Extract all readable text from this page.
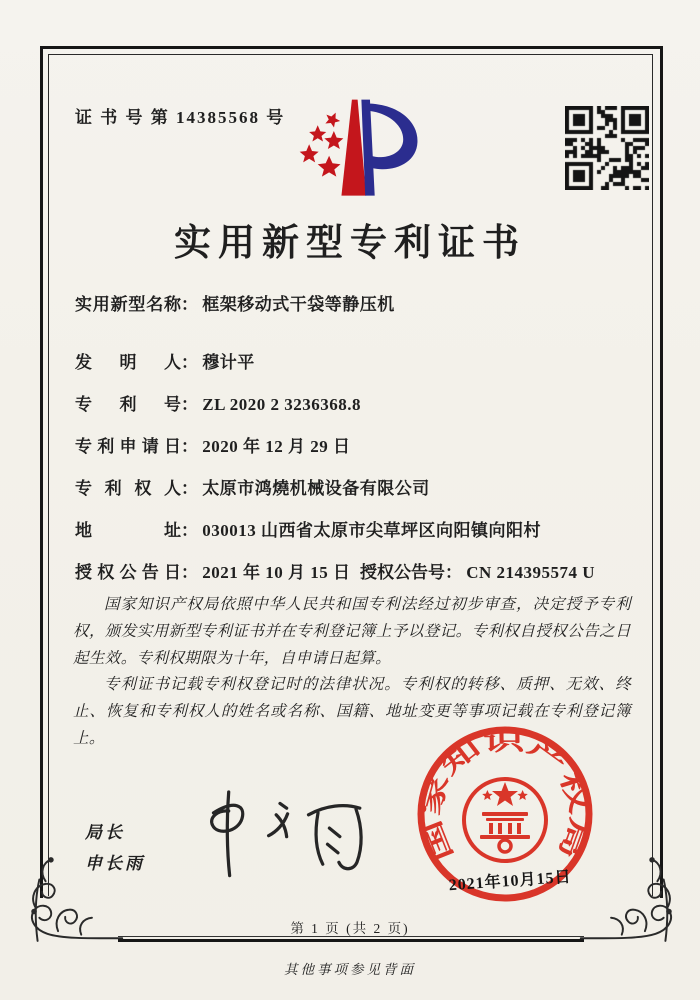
证 书 号 第 14385568 号
实用新型专利证书
实用新型名称： 框架移动式干袋等静压机
发明人： 穆计平
专利号： ZL 2020 2 3236368.8
专利申请日： 2020 年 12 月 29 日
专利权人： 太原市鸿燒机械设备有限公司
地址： 030013 山西省太原市尖草坪区向阳镇向阳村
授权公告日： 2021 年 10 月 15 日 授权公告号： CN 214395574 U

国家知识产权局依照中华人民共和国专利法经过初步审查，决定授予专利权，颁发实用新型专利证书并在专利登记簿上予以登记。专利权自授权公告之日起生效。专利权期限为十年，自申请日起算。

专利证书记载专利权登记时的法律状况。专利权的转移、质押、无效、终止、恢复和专利权人的姓名或名称、国籍、地址变更等事项记载在专利登记簿上。

局长
申长雨	国家知识产权局
2021年10月15日
第 1 页 (共 2 页)
其他事项参见背面
